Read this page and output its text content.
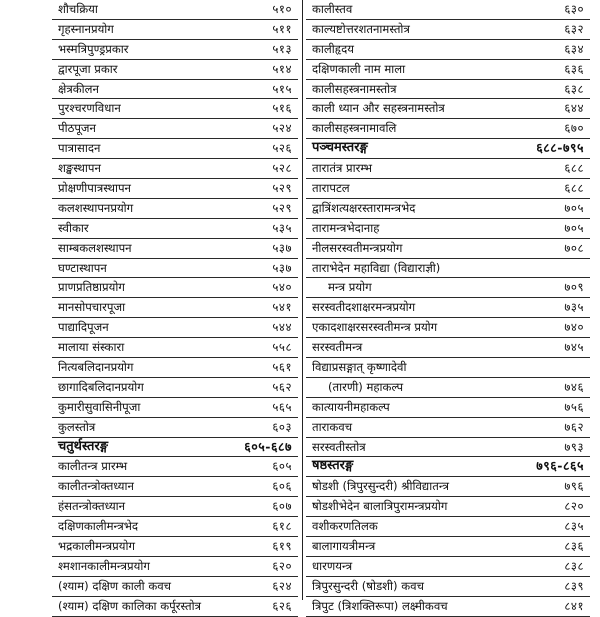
शौचक्रिया	५१०
गृहस्नानप्रयोग	५११
भस्मत्रिपुण्ड्रप्रकार	५१३
द्वारपूजा प्रकार	५१४
क्षेत्रकीलन	५१५
पुरश्चरणविधान	५१६
पीठपूजन	५२४
पात्रासादन	५२६
शङ्खस्थापन	५२८
प्रोक्षणीपात्रस्थापन	५२९
कलशस्थापनप्रयोग	५२९
स्वीकार	५३५
साम्बकलशस्थापन	५३७
घण्टास्थापन	५३७
प्राणप्रतिष्ठाप्रयोग	५४०
मानसोपचारपूजा	५४१
पाद्यादिपूजन	५४४
मालाया संस्कारा	५५८
नित्यबलिदानप्रयोग	५६१
छागादिबलिदानप्रयोग	५६२
कुमारीसुवासिनीपूजा	५६५
कुलस्तोत्र	६०३
चतुर्थस्तरङ्ग	६०५-६८७
कालीतन्त्र प्रारम्भ	६०५
कालीतन्त्रोक्तध्यान	६०६
हंसतन्त्रोक्तध्यान	६०७
दक्षिणकालीमन्त्रभेद	६१८
भद्रकालीमन्त्रप्रयोग	६१९
श्मशानकालीमन्त्रप्रयोग	६२०
(श्याम) दक्षिण काली कवच	६२४
(श्याम) दक्षिण कालिका कर्पूरस्तोत्र	६२६
कालीस्तव	६३०
काल्यष्टोत्तरशतनामस्तोत्र	६३२
कालीहृदय	६३४
दक्षिणकाली नाम माला	६३६
कालीसहस्त्रनामस्तोत्र	६३८
काली ध्यान और सहस्त्रनामस्तोत्र	६४४
कालीसहस्त्रनामावलि	६७०
पञ्चमस्तरङ्ग	६८८-७९५
तारातंत्र प्रारम्भ	६८८
तारापटल	६८८
द्वात्रिंशत्यक्षरस्तारामन्त्रभेद	७०५
तारामन्त्रभेदानाह	७०५
नीलसरस्वतीमन्त्रप्रयोग	७०८
ताराभेदेन महाविद्या (विद्याराज्ञी)
मन्त्र प्रयोग	७०९
सरस्वतीदशाक्षरमन्त्रप्रयोग	७३५
एकादशाक्षरसरस्वतीमन्त्र प्रयोग	७४०
सरस्वतीमन्त्र	७४५
विद्याप्रसङ्गात् कृष्णादेवी
(तारणी) महाकल्प	७४६
कात्यायनीमहाकल्प	७५६
ताराकवच	७६२
सरस्वतीस्तोत्र	७९३
षष्ठस्तरङ्ग	७९६-८६५
षोडशी (त्रिपुरसुन्दरी) श्रीविद्यातन्त्र	७९६
षोडशीभेदेन बालात्रिपुरामन्त्रप्रयोग	८२०
वशीकरणतिलक	८३५
बालागायत्रीमन्त्र	८३६
धारणयन्त्र	८३८
त्रिपुरसुन्दरी (षोडशी) कवच	८३९
त्रिपुट (त्रिशक्तिरूपा) लक्ष्मीकवच	८४१
